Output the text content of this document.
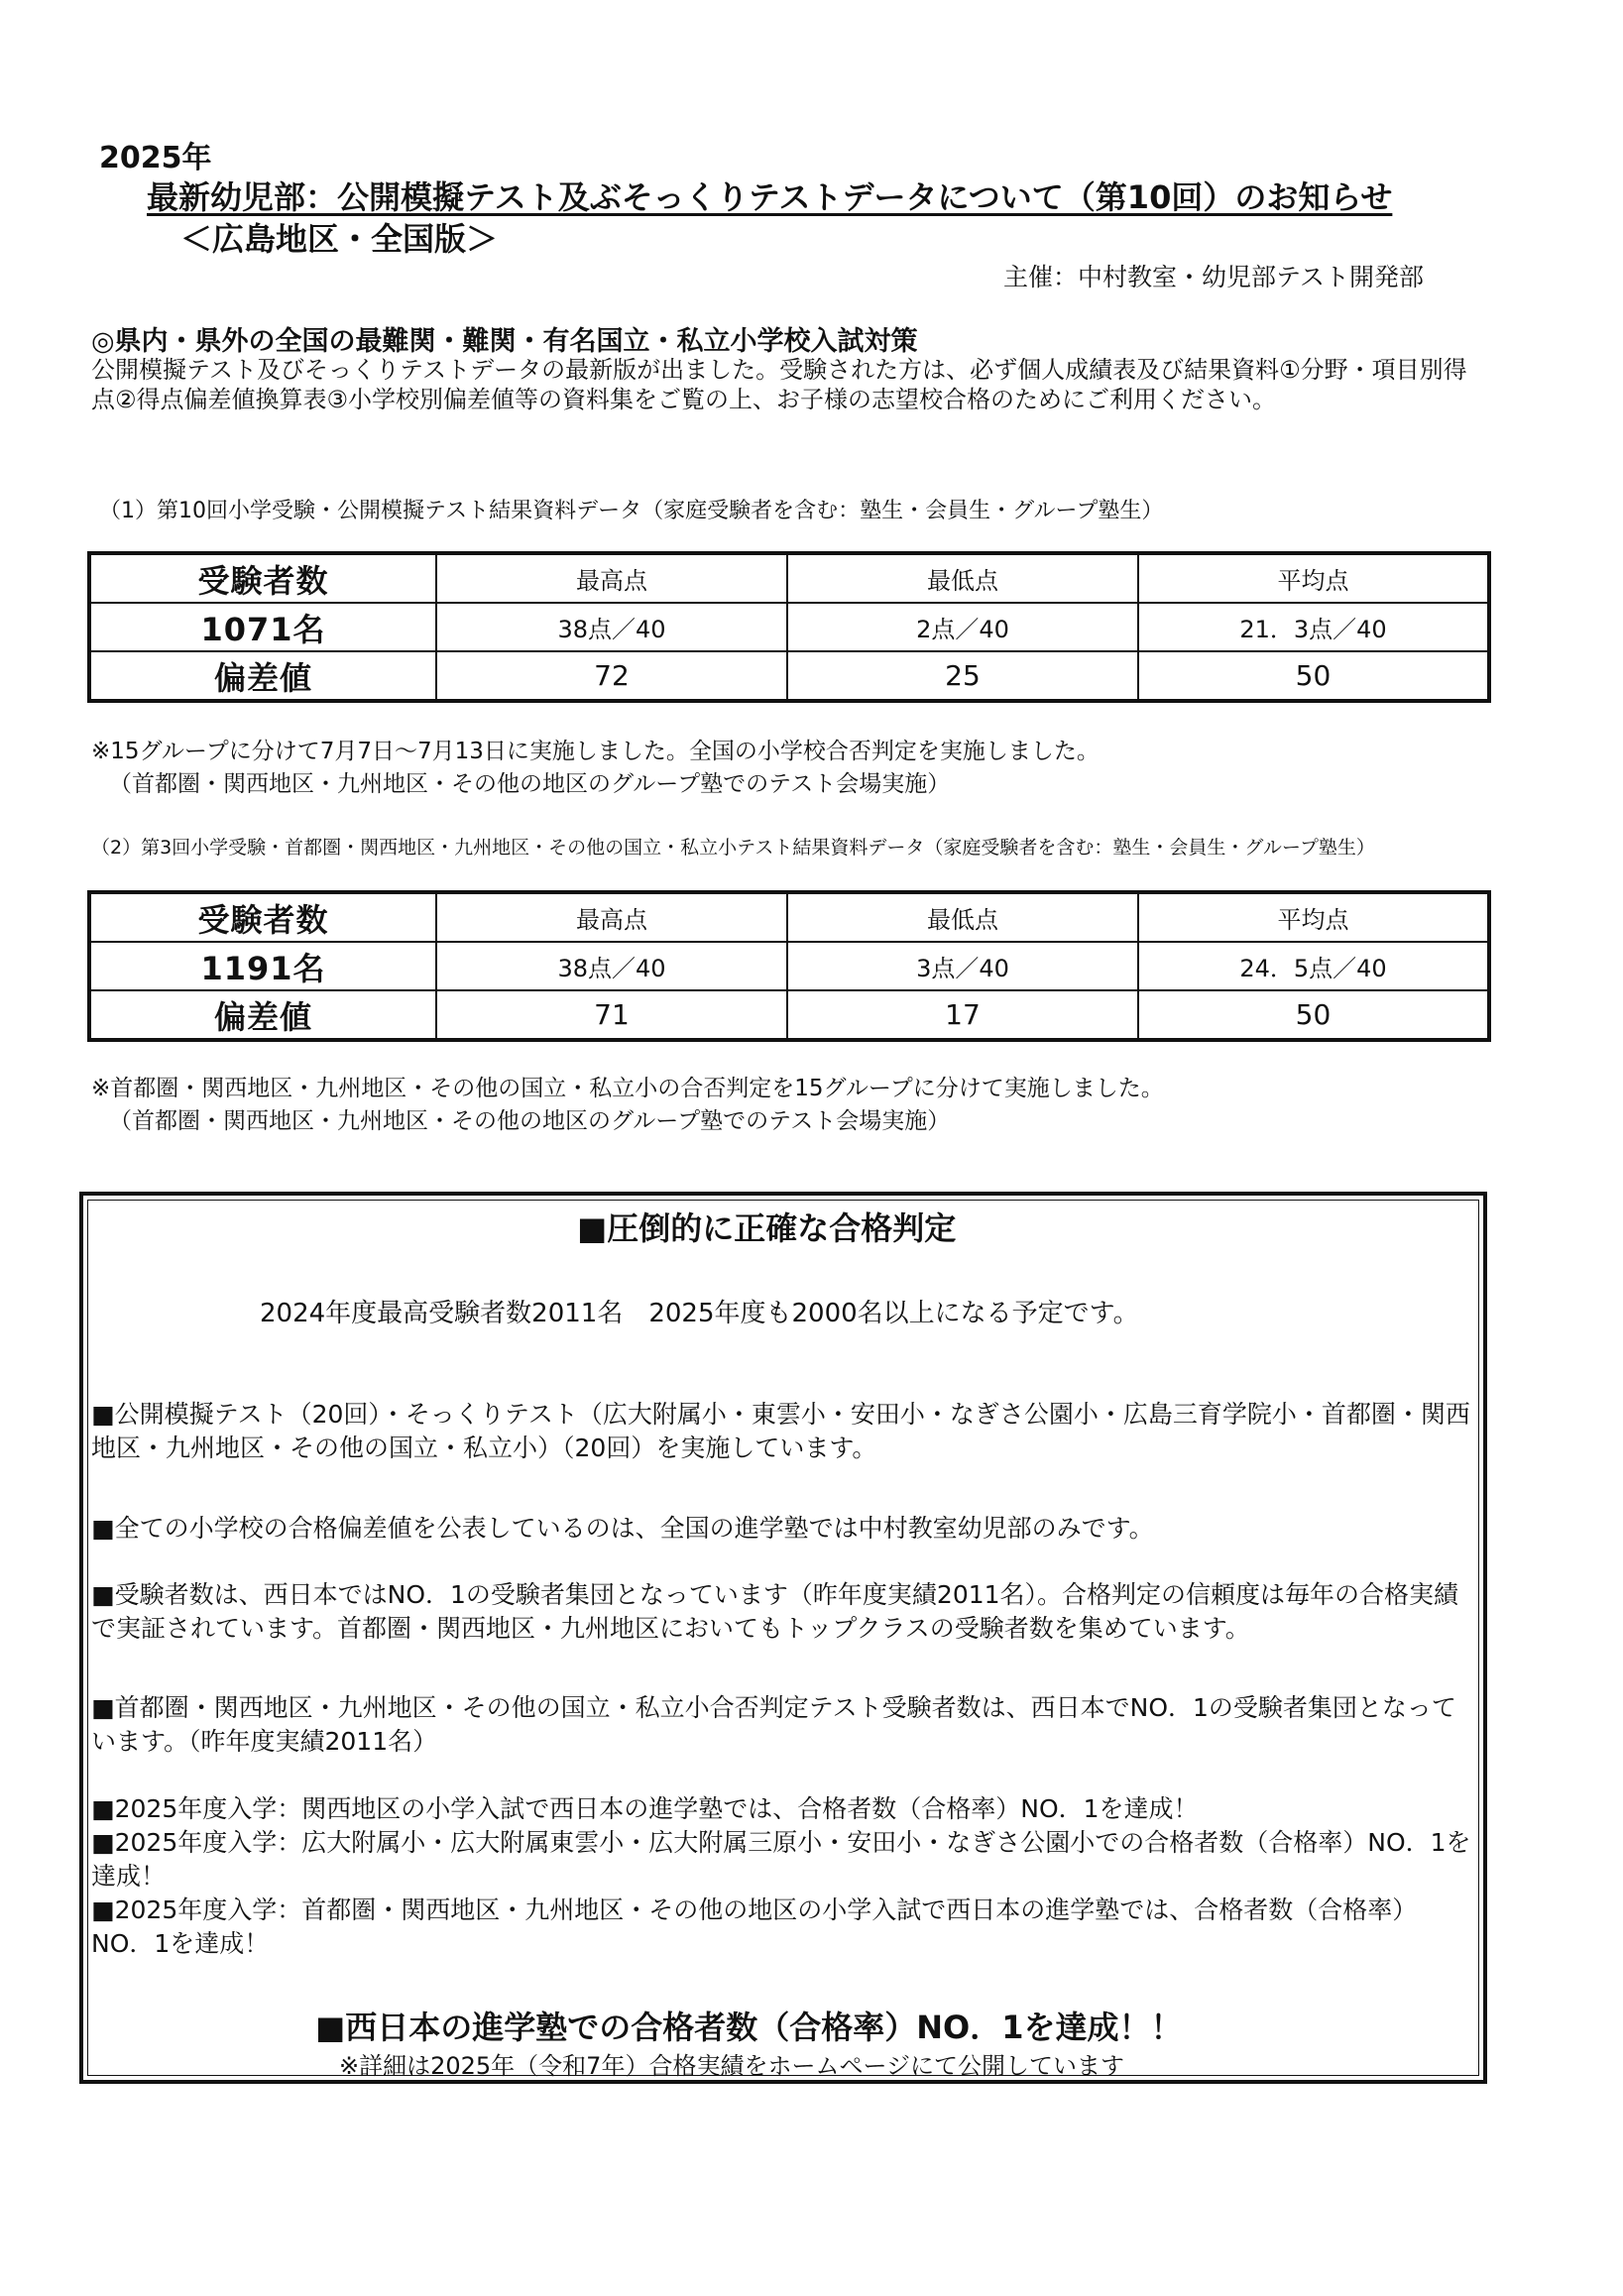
2025年
最新幼児部：公開模擬テスト及ぶそっくりテストデータについて（第10回）のお知らせ
＜広島地区・全国版＞
主催：中村教室・幼児部テスト開発部
◎県内・県外の全国の最難関・難関・有名国立・私立小学校入試対策
公開模擬テスト及びそっくりテストデータの最新版が出ました。受験された方は、必ず個人成績表及び結果資料①分野・項目別得点②得点偏差値換算表③小学校別偏差値等の資料集をご覧の上、お子様の志望校合格のためにご利用ください。
（1）第10回小学受験・公開模擬テスト結果資料データ（家庭受験者を含む：塾生・会員生・グループ塾生）
受験者数	最高点	最低点	平均点
1071名	38点／40	2点／40	21．3点／40
偏差値	72	25	50
※15グループに分けて7月7日～7月13日に実施しました。全国の小学校合否判定を実施しました。
（首都圏・関西地区・九州地区・その他の地区のグループ塾でのテスト会場実施）
（2）第3回小学受験・首都圏・関西地区・九州地区・その他の国立・私立小テスト結果資料データ（家庭受験者を含む：塾生・会員生・グループ塾生）
受験者数	最高点	最低点	平均点
1191名	38点／40	3点／40	24．5点／40
偏差値	71	17	50
※首都圏・関西地区・九州地区・その他の国立・私立小の合否判定を15グループに分けて実施しました。
（首都圏・関西地区・九州地区・その他の地区のグループ塾でのテスト会場実施）
■圧倒的に正確な合格判定
2024年度最高受験者数2011名　2025年度も2000名以上になる予定です。
■公開模擬テスト（20回）・そっくりテスト（広大附属小・東雲小・安田小・なぎさ公園小・広島三育学院小・首都圏・関西地区・九州地区・その他の国立・私立小）（20回）を実施しています。
■全ての小学校の合格偏差値を公表しているのは、全国の進学塾では中村教室幼児部のみです。
■受験者数は、西日本ではNO．1の受験者集団となっています（昨年度実績2011名）。合格判定の信頼度は毎年の合格実績で実証されています。首都圏・関西地区・九州地区においてもトップクラスの受験者数を集めています。
■首都圏・関西地区・九州地区・その他の国立・私立小合否判定テスト受験者数は、西日本でNO．1の受験者集団となっています。（昨年度実績2011名）
■2025年度入学：関西地区の小学入試で西日本の進学塾では、合格者数（合格率）NO．1を達成！
■2025年度入学：広大附属小・広大附属東雲小・広大附属三原小・安田小・なぎさ公園小での合格者数（合格率）NO．1を達成！
■2025年度入学：首都圏・関西地区・九州地区・その他の地区の小学入試で西日本の進学塾では、合格者数（合格率）NO．1を達成！
■西日本の進学塾での合格者数（合格率）NO．1を達成！！
※詳細は2025年（令和7年）合格実績をホームページにて公開しています
